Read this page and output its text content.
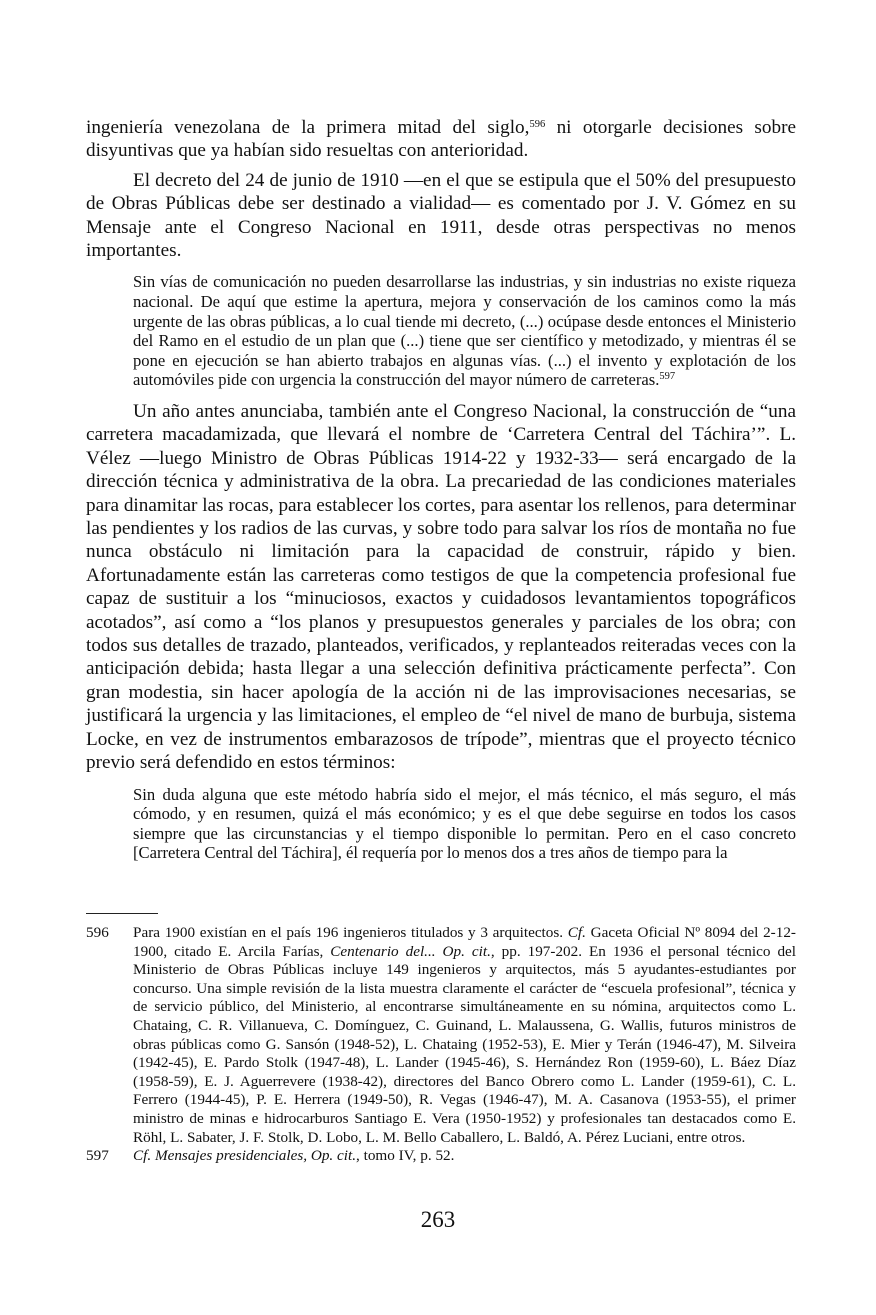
ingeniería venezolana de la primera mitad del siglo,$^{596}$ ni otorgarle decisiones sobre disyuntivas que ya habían sido resueltas con anterioridad.

El decreto del 24 de junio de 1910 —en el que se estipula que el 50% del presupuesto de Obras Públicas debe ser destinado a vialidad— es comentado por J. V. Gómez en su Mensaje ante el Congreso Nacional en 1911, desde otras perspectivas no menos importantes.

Sin vías de comunicación no pueden desarrollarse las industrias, y sin industrias no existe riqueza nacional. De aquí que estime la apertura, mejora y conservación de los caminos como la más urgente de las obras públicas, a lo cual tiende mi decreto, (...) ocúpase desde entonces el Ministerio del Ramo en el estudio de un plan que (...) tiene que ser científico y metodizado, y mientras él se pone en ejecución se han abierto trabajos en algunas vías. (...) el invento y explotación de los automóviles pide con urgencia la construcción del mayor número de carreteras.$^{597}$

Un año antes anunciaba, también ante el Congreso Nacional, la construcción de “una carretera macadamizada, que llevará el nombre de ‘Carretera Central del Táchira’”. L. Vélez —luego Ministro de Obras Públicas 1914-22 y 1932-33— será encargado de la dirección técnica y administrativa de la obra. La precariedad de las condiciones materiales para dinamitar las rocas, para establecer los cortes, para asentar los rellenos, para determinar las pendientes y los radios de las curvas, y sobre todo para salvar los ríos de montaña no fue nunca obstáculo ni limitación para la capacidad de construir, rápido y bien. Afortunadamente están las carreteras como testigos de que la competencia profesional fue capaz de sustituir a los “minuciosos, exactos y cuidadosos levantamientos topográficos acotados”, así como a “los planos y presupuestos generales y parciales de los obra; con todos sus detalles de trazado, planteados, verificados, y replanteados reiteradas veces con la anticipación debida; hasta llegar a una selección definitiva prácticamente perfecta”. Con gran modestia, sin hacer apología de la acción ni de las improvisaciones necesarias, se justificará la urgencia y las limitaciones, el empleo de “el nivel de mano de burbuja, sistema Locke, en vez de instrumentos embarazosos de trípode”, mientras que el proyecto técnico previo será defendido en estos términos:

Sin duda alguna que este método habría sido el mejor, el más técnico, el más seguro, el más cómodo, y en resumen, quizá el más económico; y es el que debe seguirse en todos los casos siempre que las circunstancias y el tiempo disponible lo permitan. Pero en el caso concreto [Carretera Central del Táchira], él requería por lo menos dos a tres años de tiempo para la

596	Para 1900 existían en el país 196 ingenieros titulados y 3 arquitectos. Cf. Gaceta Oficial Nº 8094 del 2-12-1900, citado E. Arcila Farías, Centenario del... Op. cit., pp. 197-202. En 1936 el personal técnico del Ministerio de Obras Públicas incluye 149 ingenieros y arquitectos, más 5 ayudantes-estudiantes por concurso. Una simple revisión de la lista muestra claramente el carácter de “escuela profesional”, técnica y de servicio público, del Ministerio, al encontrarse simultáneamente en su nómina, arquitectos como L. Chataing, C. R. Villanueva, C. Domínguez, C. Guinand, L. Malaussena, G. Wallis, futuros ministros de obras públicas como G. Sansón (1948-52), L. Chataing (1952-53), E. Mier y Terán (1946-47), M. Silveira (1942-45), E. Pardo Stolk (1947-48), L. Lander (1945-46), S. Hernández Ron (1959-60), L. Báez Díaz (1958-59), E. J. Aguerrevere (1938-42), directores del Banco Obrero como L. Lander (1959-61), C. L. Ferrero (1944-45), P. E. Herrera (1949-50), R. Vegas (1946-47), M. A. Casanova (1953-55), el primer ministro de minas e hidrocarburos Santiago E. Vera (1950-1952) y profesionales tan destacados como E. Röhl, L. Sabater, J. F. Stolk, D. Lobo, L. M. Bello Caballero, L. Baldó, A. Pérez Luciani, entre otros.
597	Cf. Mensajes presidenciales, Op. cit., tomo IV, p. 52.
263
